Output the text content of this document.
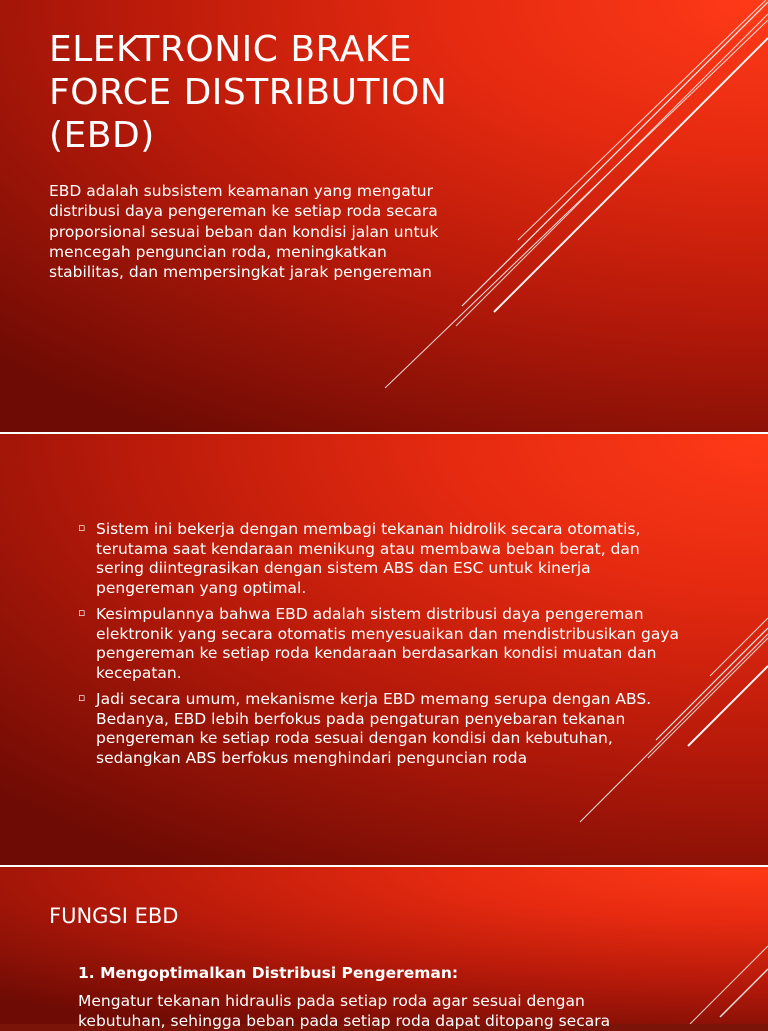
ELEKTRONIC BRAKE FORCE DISTRIBUTION (EBD)

EBD adalah subsistem keamanan yang mengatur distribusi daya pengereman ke setiap roda secara proporsional sesuai beban dan kondisi jalan untuk mencegah penguncian roda, meningkatkan stabilitas, dan mempersingkat jarak pengereman

▫ Sistem ini bekerja dengan membagi tekanan hidrolik secara otomatis, terutama saat kendaraan menikung atau membawa beban berat, dan sering diintegrasikan dengan sistem ABS dan ESC untuk kinerja pengereman yang optimal.
▫ Kesimpulannya bahwa EBD adalah sistem distribusi daya pengereman elektronik yang secara otomatis menyesuaikan dan mendistribusikan gaya pengereman ke setiap roda kendaraan berdasarkan kondisi muatan dan kecepatan.
▫ Jadi secara umum, mekanisme kerja EBD memang serupa dengan ABS. Bedanya, EBD lebih berfokus pada pengaturan penyebaran tekanan pengereman ke setiap roda sesuai dengan kondisi dan kebutuhan, sedangkan ABS berfokus menghindari penguncian roda
FUNGSI EBD

1. Mengoptimalkan Distribusi Pengereman:

Mengatur tekanan hidraulis pada setiap roda agar sesuai dengan kebutuhan, sehingga beban pada setiap roda dapat ditopang secara
